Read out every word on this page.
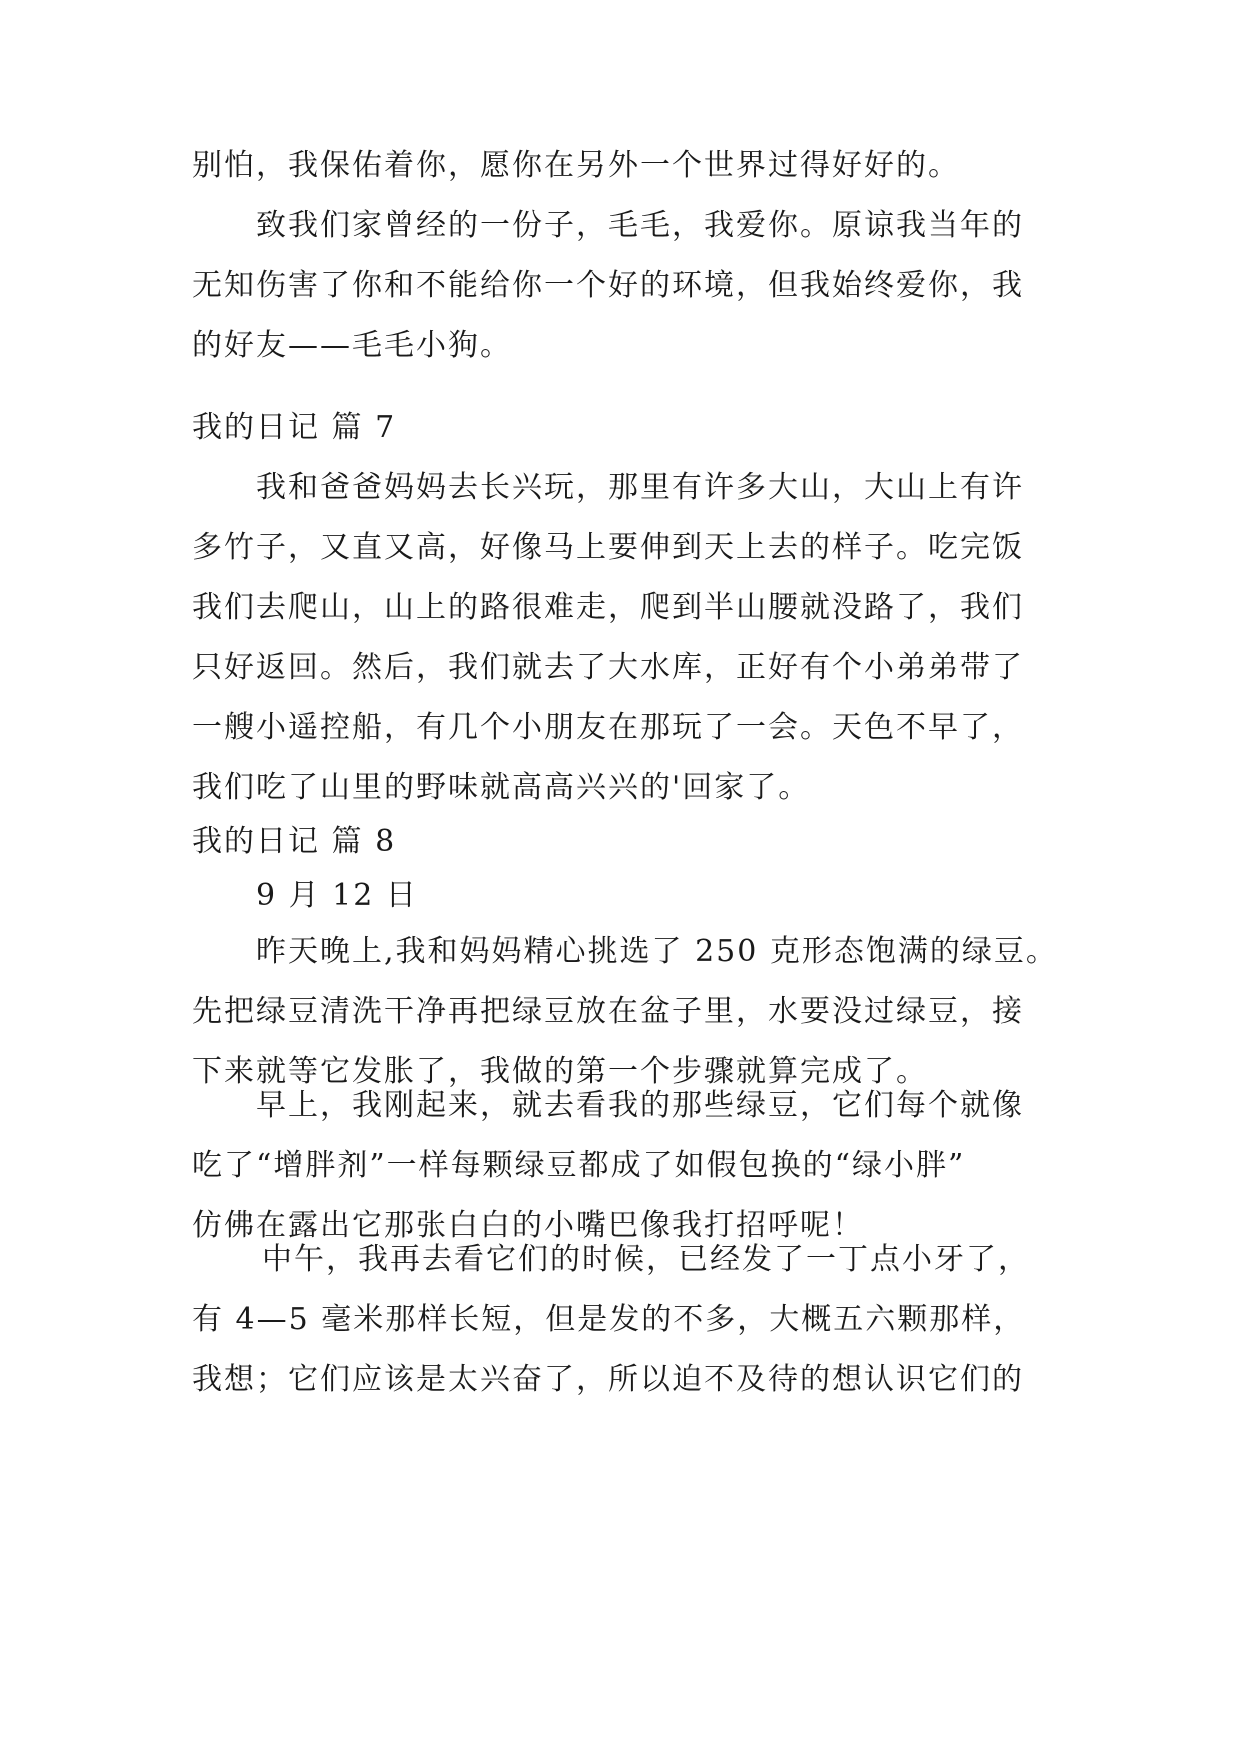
别怕，我保佑着你，愿你在另外一个世界过得好好的。
致我们家曾经的一份子，毛毛，我爱你。原谅我当年的
无知伤害了你和不能给你一个好的环境，但我始终爱你，我
的好友——毛毛小狗。
我的日记 篇 7
我和爸爸妈妈去长兴玩，那里有许多大山，大山上有许
多竹子，又直又高，好像马上要伸到天上去的样子。吃完饭
我们去爬山，山上的路很难走，爬到半山腰就没路了，我们
只好返回。然后，我们就去了大水库，正好有个小弟弟带了
一艘小遥控船，有几个小朋友在那玩了一会。天色不早了，
我们吃了山里的野味就高高兴兴的'回家了。
我的日记 篇 8
9 月 12 日
昨天晚上,我和妈妈精心挑选了 250 克形态饱满的绿豆。
先把绿豆清洗干净再把绿豆放在盆子里，水要没过绿豆，接
下来就等它发胀了，我做的第一个步骤就算完成了。
早上，我刚起来，就去看我的那些绿豆，它们每个就像
吃了“增胖剂”一样每颗绿豆都成了如假包换的“绿小胖”
仿佛在露出它那张白白的小嘴巴像我打招呼呢！
中午，我再去看它们的时候，已经发了一丁点小牙了，
有 4—5 毫米那样长短，但是发的不多，大概五六颗那样，
我想；它们应该是太兴奋了，所以迫不及待的想认识它们的
